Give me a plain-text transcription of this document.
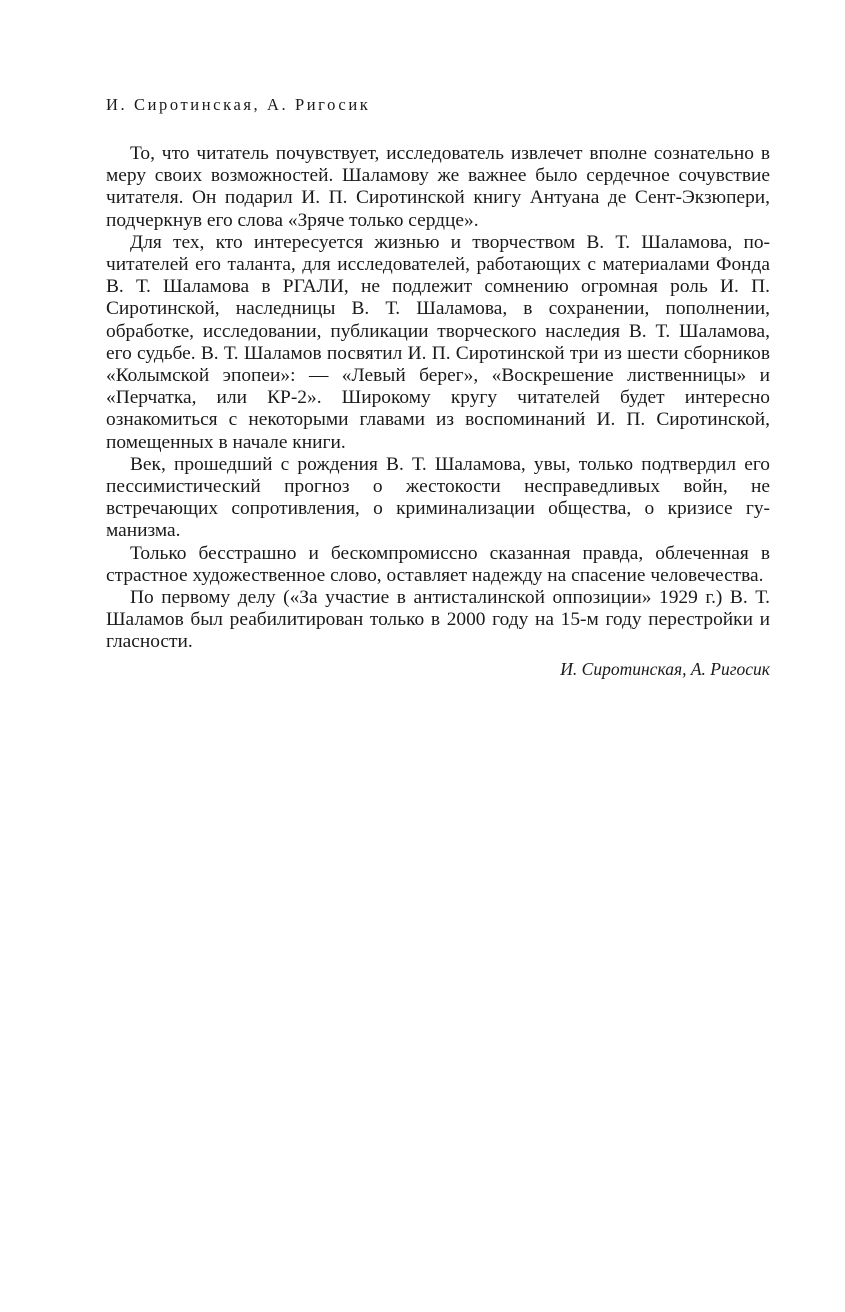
И. Сиротинская, А. Ригосик

То, что читатель почувствует, исследователь извлечет вполне сознательно в меру своих возможностей. Шаламову же важнее было сердечное сочувствие читателя. Он подарил И. П. Сиротинской книгу Антуана де Сент-Экзюпери, подчеркнув его слова «Зряче только сердце».

Для тех, кто интересуется жизнью и творчеством В. Т. Шаламова, почитателей его таланта, для исследователей, работающих с материалами Фонда В. Т. Шаламова в РГАЛИ, не подлежит сомнению огромная роль И. П. Сиротинской, наследницы В. Т. Шаламова, в сохранении, пополнении, обработке, исследовании, публикации творческого наследия В. Т. Шаламова, его судьбе. В. Т. Шаламов посвятил И. П. Сиротинской три из шести сборников «Колымской эпопеи»: — «Левый берег», «Воскрешение лиственницы» и «Перчатка, или КР-2». Широкому кругу читателей будет интересно ознакомиться с некоторыми главами из воспоминаний И. П. Сиротинской, помещенных в начале книги.

Век, прошедший с рождения В. Т. Шаламова, увы, только подтвердил его пессимистический прогноз о жестокости несправедливых войн, не встречающих сопротивления, о криминализации общества, о кризисе гуманизма.

Только бесстрашно и бескомпромиссно сказанная правда, облеченная в страстное художественное слово, оставляет надежду на спасение человечества.

По первому делу («За участие в антисталинской оппозиции» 1929 г.) В. Т. Шаламов был реабилитирован только в 2000 году на 15-м году перестройки и гласности.

И. Сиротинская, А. Ригосик
